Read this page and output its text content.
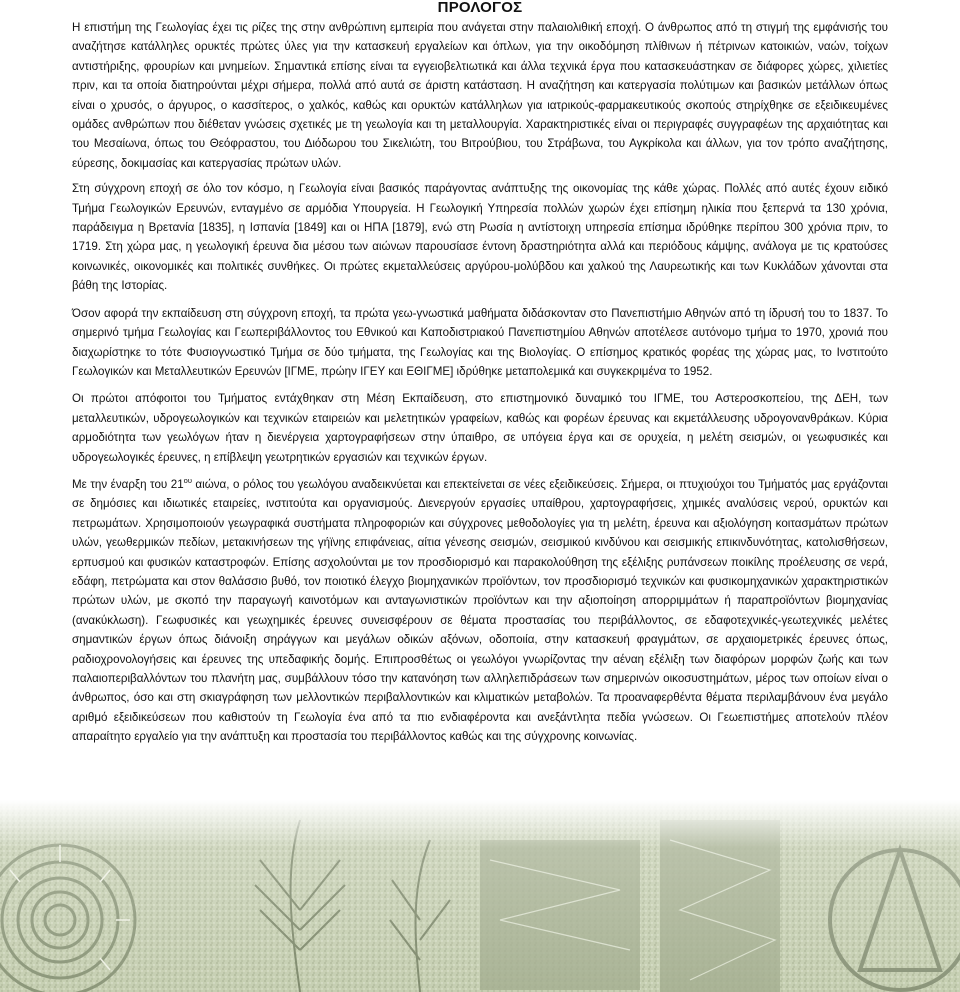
ΠΡΟΛΟΓΟΣ

Η επιστήμη της Γεωλογίας έχει τις ρίζες της στην ανθρώπινη εμπειρία που ανάγεται στην παλαιολιθική εποχή. Ο άνθρωπος από τη στιγμή της εμφάνισής του αναζήτησε κατάλληλες ορυκτές πρώτες ύλες για την κατασκευή εργαλείων και όπλων, για την οικοδόμηση πλίθινων ή πέτρινων κατοικιών, ναών, τοίχων αντιστήριξης, φρουρίων και μνημείων. Σημαντικά επίσης είναι τα εγγειοβελτιωτικά και άλλα τεχνικά έργα που κατασκευάστηκαν σε διάφορες χώρες, χιλιετίες πριν, και τα οποία διατηρούνται μέχρι σήμερα, πολλά από αυτά σε άριστη κατάσταση. Η αναζήτηση και κατεργασία πολύτιμων και βασικών μετάλλων όπως είναι ο χρυσός, ο άργυρος, ο κασσίτερος, ο χαλκός, καθώς και ορυκτών κατάλληλων για ιατρικούς-φαρμακευτικούς σκοπούς στηρίχθηκε σε εξειδικευμένες ομάδες ανθρώπων που διέθεταν γνώσεις σχετικές με τη γεωλογία και τη μεταλλουργία. Χαρακτηριστικές είναι οι περιγραφές συγγραφέων της αρχαιότητας και του Μεσαίωνα, όπως του Θεόφραστου, του Διόδωρου του Σικελιώτη, του Βιτρούβιου, του Στράβωνα, του Αγκρίκολα και άλλων, για τον τρόπο αναζήτησης, εύρεσης, δοκιμασίας και κατεργασίας πρώτων υλών.

Στη σύγχρονη εποχή σε όλο τον κόσμο, η Γεωλογία είναι βασικός παράγοντας ανάπτυξης της οικονομίας της κάθε χώρας. Πολλές από αυτές έχουν ειδικό Τμήμα Γεωλογικών Ερευνών, ενταγμένο σε αρμόδια Υπουργεία. Η Γεωλογική Υπηρεσία πολλών χωρών έχει επίσημη ηλικία που ξεπερνά τα 130 χρόνια, παράδειγμα η Βρετανία [1835], η Ισπανία [1849] και οι ΗΠΑ [1879], ενώ στη Ρωσία η αντίστοιχη υπηρεσία επίσημα ιδρύθηκε περίπου 300 χρόνια πριν, το 1719. Στη χώρα μας, η γεωλογική έρευνα δια μέσου των αιώνων παρουσίασε έντονη δραστηριότητα αλλά και περιόδους κάμψης, ανάλογα με τις κρατούσες κοινωνικές, οικονομικές και πολιτικές συνθήκες. Οι πρώτες εκμεταλλεύσεις αργύρου-μολύβδου και χαλκού της Λαυρεωτικής και των Κυκλάδων χάνονται στα βάθη της Ιστορίας.

Όσον αφορά την εκπαίδευση στη σύγχρονη εποχή, τα πρώτα γεω-γνωστικά μαθήματα διδάσκονταν στο Πανεπιστήμιο Αθηνών από τη ίδρυσή του το 1837. Το σημερινό τμήμα Γεωλογίας και Γεωπεριβάλλοντος του Εθνικού και Καποδιστριακού Πανεπιστημίου Αθηνών αποτέλεσε αυτόνομο τμήμα το 1970, χρονιά που διαχωρίστηκε το τότε Φυσιογνωστικό Τμήμα σε δύο τμήματα, της Γεωλογίας και της Βιολογίας. Ο επίσημος κρατικός φορέας της χώρας μας, το Ινστιτούτο Γεωλογικών και Μεταλλευτικών Ερευνών [ΙΓΜΕ, πρώην ΙΓΕΥ και ΕΘΙΓΜΕ] ιδρύθηκε μεταπολεμικά και συγκεκριμένα το 1952.

Οι πρώτοι απόφοιτοι του Τμήματος εντάχθηκαν στη Μέση Εκπαίδευση, στο επιστημονικό δυναμικό του ΙΓΜΕ, του Αστεροσκοπείου, της ΔΕΗ, των μεταλλευτικών, υδρογεωλογικών και τεχνικών εταιρειών και μελετητικών γραφείων, καθώς και φορέων έρευνας και εκμετάλλευσης υδρογονανθράκων. Κύρια αρμοδιότητα των γεωλόγων ήταν η διενέργεια χαρτογραφήσεων στην ύπαιθρο, σε υπόγεια έργα και σε ορυχεία, η μελέτη σεισμών, οι γεωφυσικές και υδρογεωλογικές έρευνες, η επίβλεψη γεωτρητικών εργασιών και τεχνικών έργων.

Με την έναρξη του $21^{o\upsilon}$ αιώνα, ο ρόλος του γεωλόγου αναδεικνύεται και επεκτείνεται σε νέες εξειδικεύσεις. Σήμερα, οι πτυχιούχοι του Τμήματός μας εργάζονται σε δημόσιες και ιδιωτικές εταιρείες, ινστιτούτα και οργανισμούς. Διενεργούν εργασίες υπαίθρου, χαρτογραφήσεις, χημικές αναλύσεις νερού, ορυκτών και πετρωμάτων. Χρησιμοποιούν γεωγραφικά συστήματα πληροφοριών και σύγχρονες μεθοδολογίες για τη μελέτη, έρευνα και αξιολόγηση κοιτασμάτων πρώτων υλών, γεωθερμικών πεδίων, μετακινήσεων της γήϊνης επιφάνειας, αίτια γένεσης σεισμών, σεισμικού κινδύνου και σεισμικής επικινδυνότητας, κατολισθήσεων, ερπυσμού και φυσικών καταστροφών. Επίσης ασχολούνται με τον προσδιορισμό και παρακολούθηση της εξέλιξης ρυπάνσεων ποικίλης προέλευσης σε νερά, εδάφη, πετρώματα και στον θαλάσσιο βυθό, τον ποιοτικό έλεγχο βιομηχανικών προϊόντων, τον προσδιορισμό τεχνικών και φυσικομηχανικών χαρακτηριστικών πρώτων υλών, με σκοπό την παραγωγή καινοτόμων και ανταγωνιστικών προϊόντων και την αξιοποίηση απορριμμάτων ή παραπροϊόντων βιομηχανίας (ανακύκλωση). Γεωφυσικές και γεωχημικές έρευνες συνεισφέρουν σε θέματα προστασίας του περιβάλλοντος, σε εδαφοτεχνικές-γεωτεχνικές μελέτες σημαντικών έργων όπως διάνοιξη σηράγγων και μεγάλων οδικών αξόνων, οδοποιία, στην κατασκευή φραγμάτων, σε αρχαιομετρικές έρευνες όπως, ραδιοχρονολογήσεις και έρευνες της υπεδαφικής δομής. Επιπροσθέτως οι γεωλόγοι γνωρίζοντας την αέναη εξέλιξη των διαφόρων μορφών ζωής και των παλαιοπεριβαλλόντων του πλανήτη μας, συμβάλλουν τόσο την κατανόηση των αλληλεπιδράσεων των σημερινών οικοσυστημάτων, μέρος των οποίων είναι ο άνθρωπος, όσο και στη σκιαγράφηση των μελλοντικών περιβαλλοντικών και κλιματικών μεταβολών. Τα προαναφερθέντα θέματα περιλαμβάνουν ένα μεγάλο αριθμό εξειδικεύσεων που καθιστούν τη Γεωλογία ένα από τα πιο ενδιαφέροντα και ανεξάντλητα πεδία γνώσεων. Οι Γεωεπιστήμες αποτελούν πλέον απαραίτητο εργαλείο για την ανάπτυξη και προστασία του περιβάλλοντος καθώς και της σύγχρονης κοινωνίας.
